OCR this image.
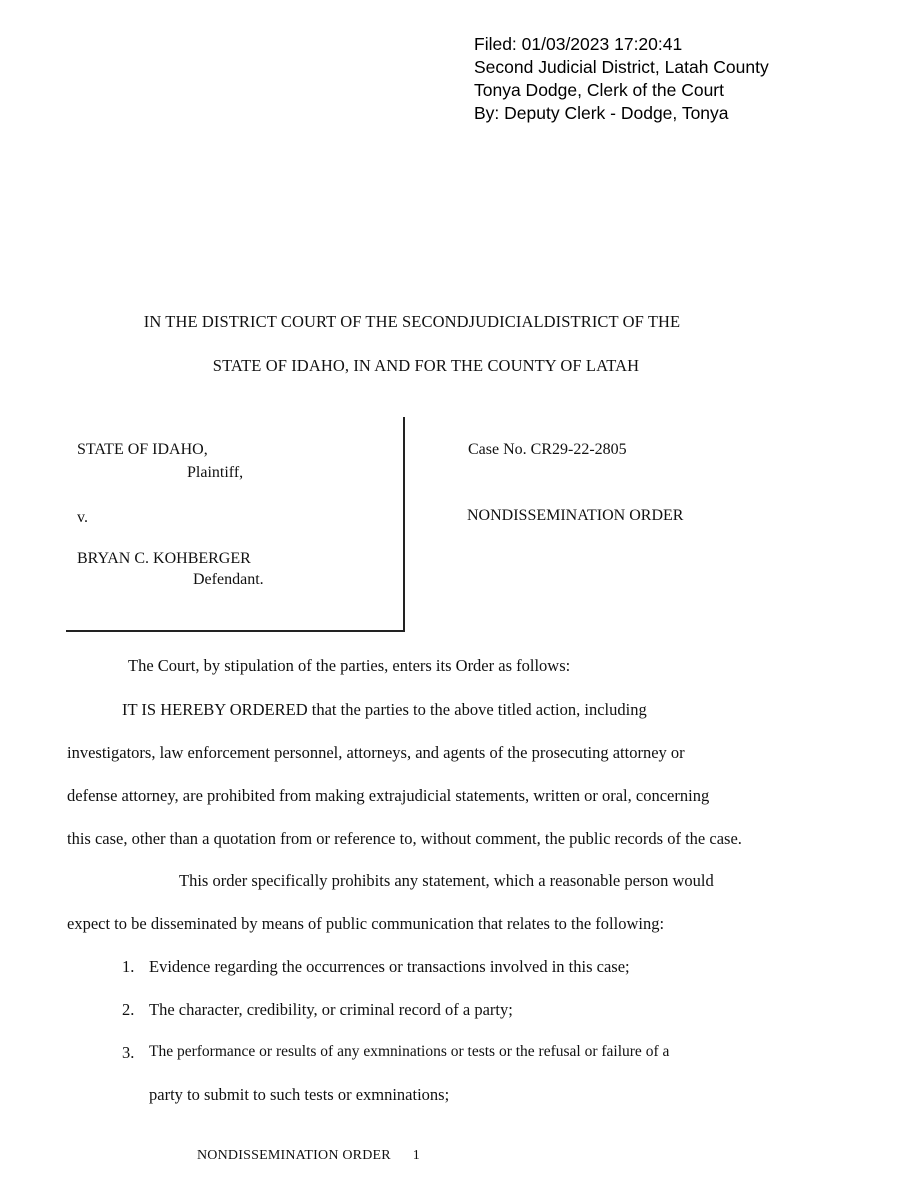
Filed: 01/03/2023 17:20:41
Second Judicial District, Latah County
Tonya Dodge, Clerk of the Court
By: Deputy Clerk - Dodge, Tonya
IN THE DISTRICT COURT OF THE SECONDJUDICIALDISTRICT OF THE
STATE OF IDAHO, IN AND FOR THE COUNTY OF LATAH
STATE OF IDAHO,
Plaintiff,
v.
BRYAN C. KOHBERGER
Defendant.
Case No. CR29-22-2805
NONDISSEMINATION ORDER
The Court, by stipulation of the parties, enters its Order as follows:
IT IS HEREBY ORDERED that the parties to the above titled action, including
investigators, law enforcement personnel, attorneys, and agents of the prosecuting attorney or
defense attorney, are prohibited from making extrajudicial statements, written or oral, concerning
this case, other than a quotation from or reference to, without comment, the public records of the case.
This order specifically prohibits any statement, which a reasonable person would
expect to be disseminated by means of public communication that relates to the following:
1. Evidence regarding the occurrences or transactions involved in this case;
2. The character, credibility, or criminal record of a party;
3. The performance or results of any exmninations or tests or the refusal or failure of a
party to submit to such tests or exmninations;
NONDISSEMINATION ORDER 1
